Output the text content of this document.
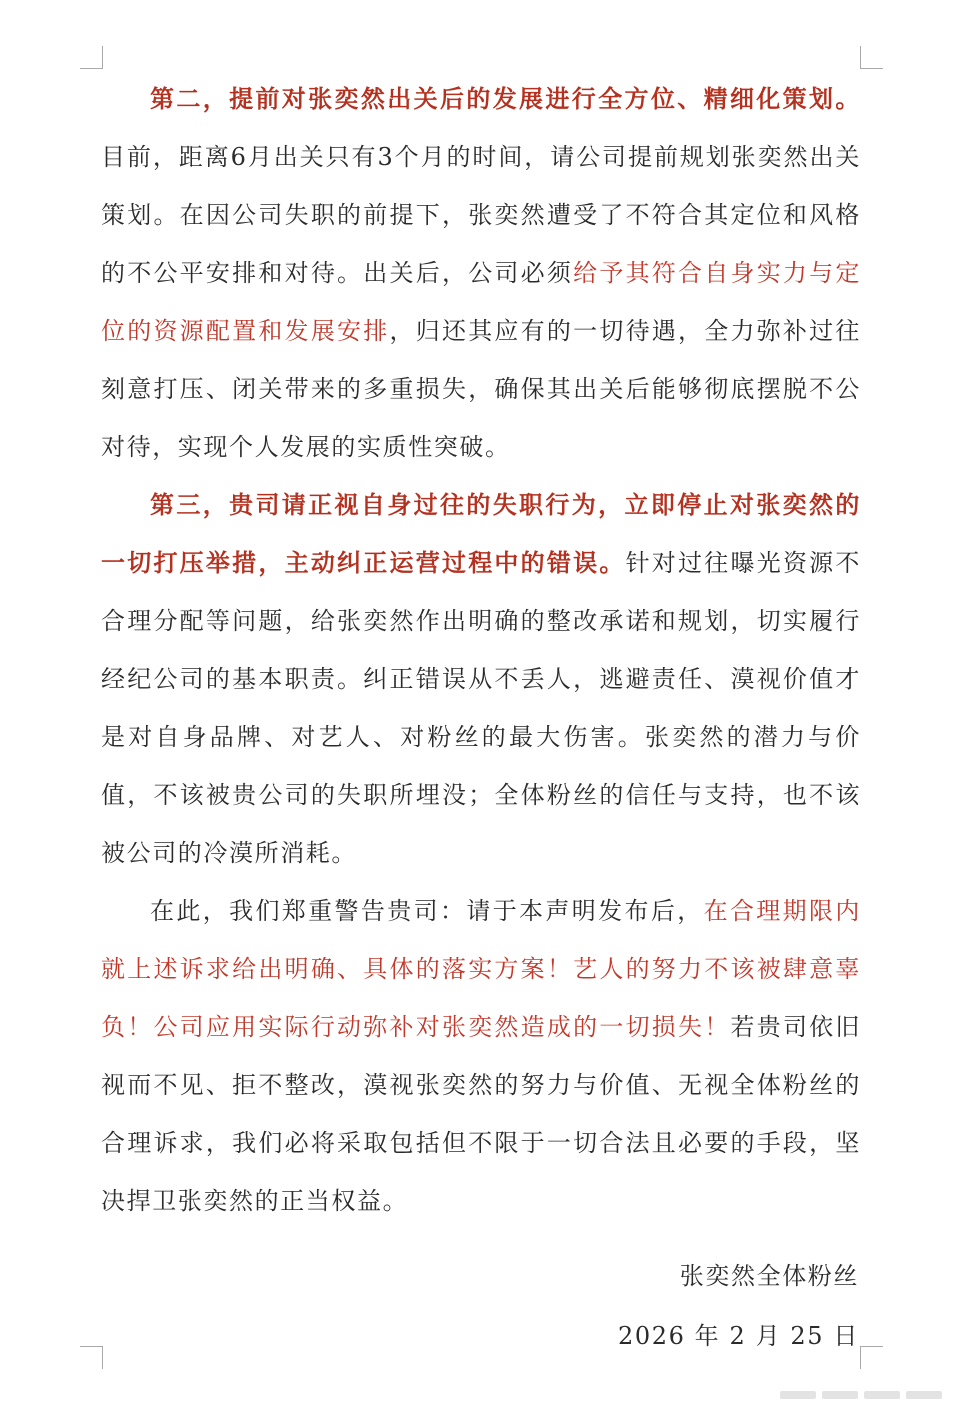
第二，提前对张奕然出关后的发展进行全方位、精细化策划。目前，距离6月出关只有3个月的时间，请公司提前规划张奕然出关策划。在因公司失职的前提下，张奕然遭受了不符合其定位和风格的不公平安排和对待。出关后，公司必须给予其符合自身实力与定位的资源配置和发展安排，归还其应有的一切待遇，全力弥补过往刻意打压、闭关带来的多重损失，确保其出关后能够彻底摆脱不公对待，实现个人发展的实质性突破。

第三，贵司请正视自身过往的失职行为，立即停止对张奕然的一切打压举措，主动纠正运营过程中的错误。针对过往曝光资源不合理分配等问题，给张奕然作出明确的整改承诺和规划，切实履行经纪公司的基本职责。纠正错误从不丢人，逃避责任、漠视价值才是对自身品牌、对艺人、对粉丝的最大伤害。张奕然的潜力与价值，不该被贵公司的失职所埋没；全体粉丝的信任与支持，也不该被公司的冷漠所消耗。

在此，我们郑重警告贵司：请于本声明发布后，在合理期限内就上述诉求给出明确、具体的落实方案！艺人的努力不该被肆意辜负！公司应用实际行动弥补对张奕然造成的一切损失！若贵司依旧视而不见、拒不整改，漠视张奕然的努力与价值、无视全体粉丝的合理诉求，我们必将采取包括但不限于一切合法且必要的手段，坚决捍卫张奕然的正当权益。

张奕然全体粉丝
2026 年 2 月 25 日
